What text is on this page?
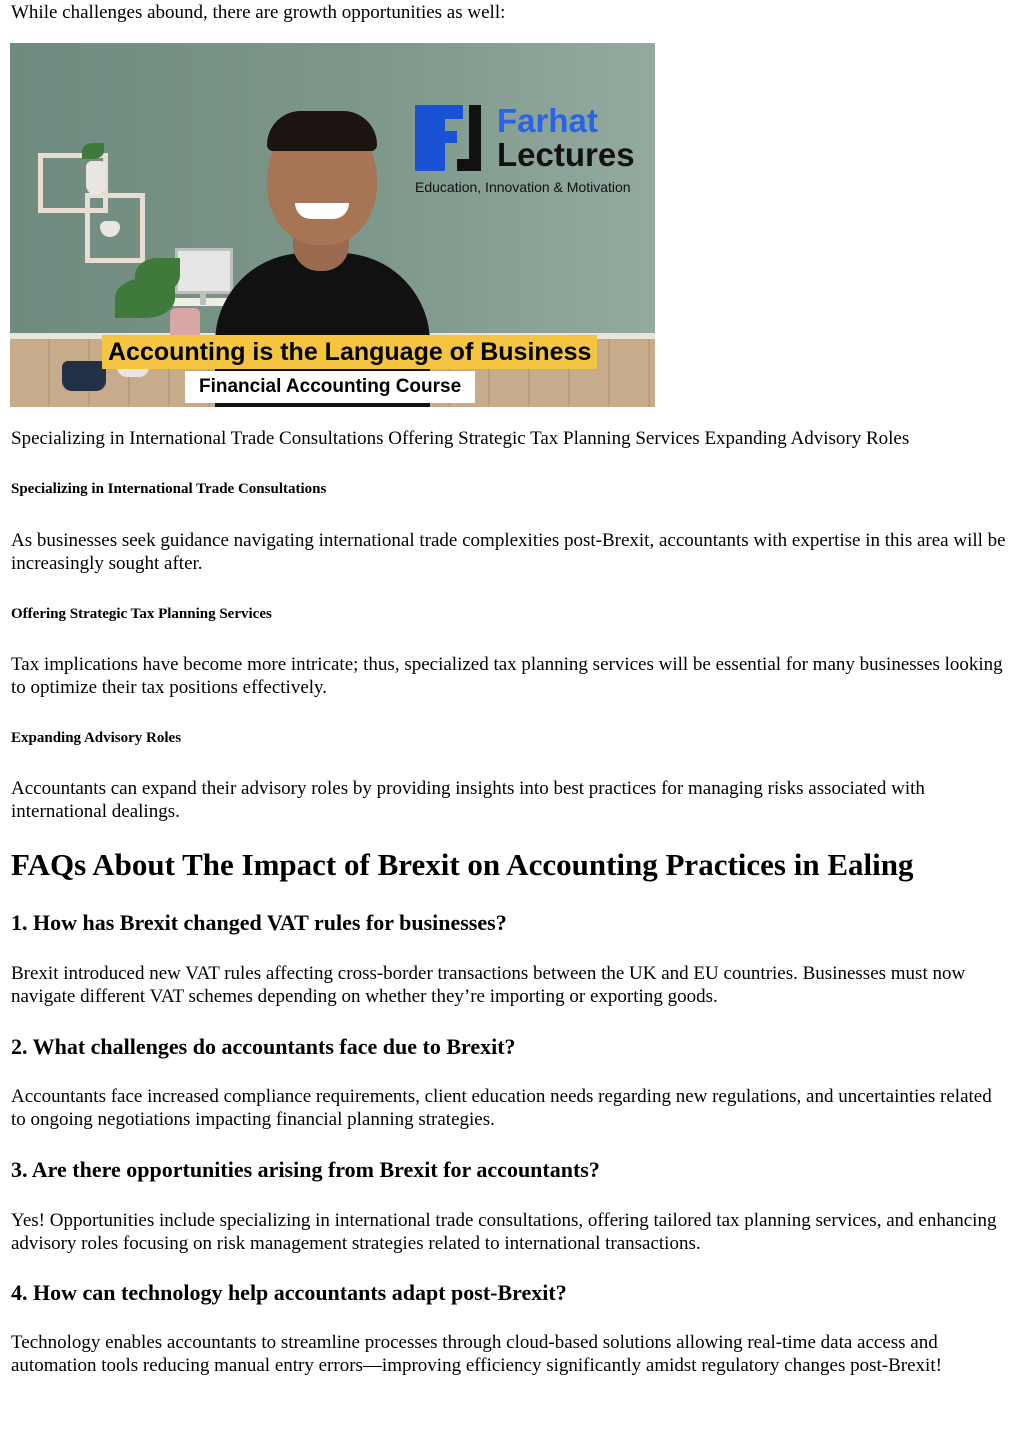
While challenges abound, there are growth opportunities as well:

Farhat
Lectures
Education, Innovation & Motivation
Accounting is the Language of Business
Financial Accounting Course

Specializing in International Trade Consultations Offering Strategic Tax Planning Services Expanding Advisory Roles

Specializing in International Trade Consultations

As businesses seek guidance navigating international trade complexities post-Brexit, accountants with expertise in this area will be increasingly sought after.

Offering Strategic Tax Planning Services

Tax implications have become more intricate; thus, specialized tax planning services will be essential for many businesses looking to optimize their tax positions effectively.

Expanding Advisory Roles

Accountants can expand their advisory roles by providing insights into best practices for managing risks associated with international dealings.

FAQs About The Impact of Brexit on Accounting Practices in Ealing
1. How has Brexit changed VAT rules for businesses?

Brexit introduced new VAT rules affecting cross-border transactions between the UK and EU countries. Businesses must now navigate different VAT schemes depending on whether they’re importing or exporting goods.

2. What challenges do accountants face due to Brexit?

Accountants face increased compliance requirements, client education needs regarding new regulations, and uncertainties related to ongoing negotiations impacting financial planning strategies.

3. Are there opportunities arising from Brexit for accountants?

Yes! Opportunities include specializing in international trade consultations, offering tailored tax planning services, and enhancing advisory roles focusing on risk management strategies related to international transactions.

4. How can technology help accountants adapt post-Brexit?

Technology enables accountants to streamline processes through cloud-based solutions allowing real-time data access and automation tools reducing manual entry errors—improving efficiency significantly amidst regulatory changes post-Brexit!
